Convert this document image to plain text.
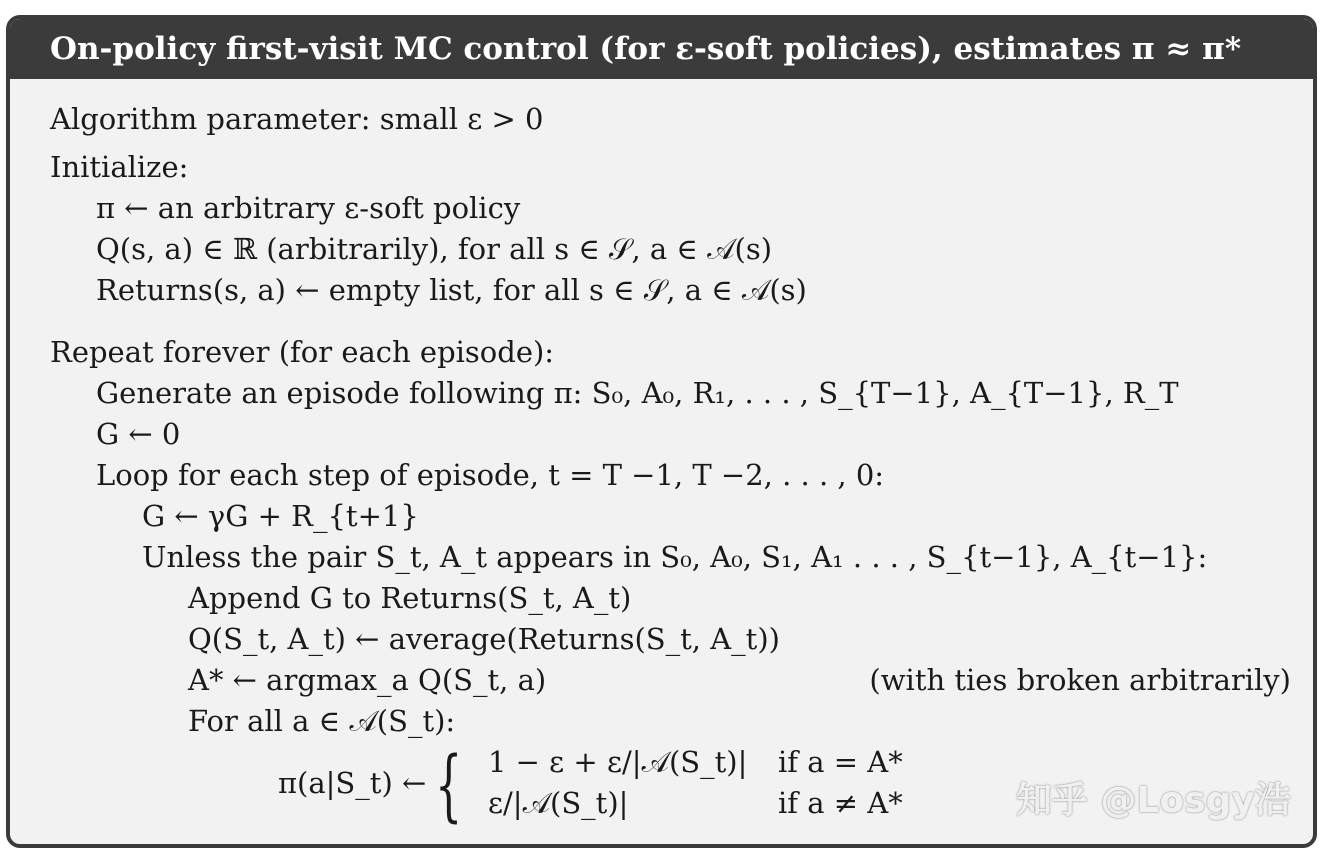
On-policy first-visit MC control (for ε-soft policies), estimates π ≈ π*
Algorithm parameter: small ε > 0
Initialize:
π ← an arbitrary ε-soft policy
Q(s, a) ∈ ℝ (arbitrarily), for all s ∈ 𝒮, a ∈ 𝒜(s)
Returns(s, a) ← empty list, for all s ∈ 𝒮, a ∈ 𝒜(s)
Repeat forever (for each episode):
Generate an episode following π: S₀, A₀, R₁, . . . , S_{T−1}, A_{T−1}, R_T
G ← 0
Loop for each step of episode, t = T −1, T −2, . . . , 0:
G ← γG + R_{t+1}
Unless the pair S_t, A_t appears in S₀, A₀, S₁, A₁ . . . , S_{t−1}, A_{t−1}:
Append G to Returns(S_t, A_t)
Q(S_t, A_t) ← average(Returns(S_t, A_t))
A* ← argmax_a Q(S_t, a)	(with ties broken arbitrarily)
For all a ∈ 𝒜(S_t):
π(a|S_t) ← { 1 − ε + ε/|𝒜(S_t)| if a = A*
ε/|𝒜(S_t)|	if a ≠ A*	知乎 @Losgy浩
